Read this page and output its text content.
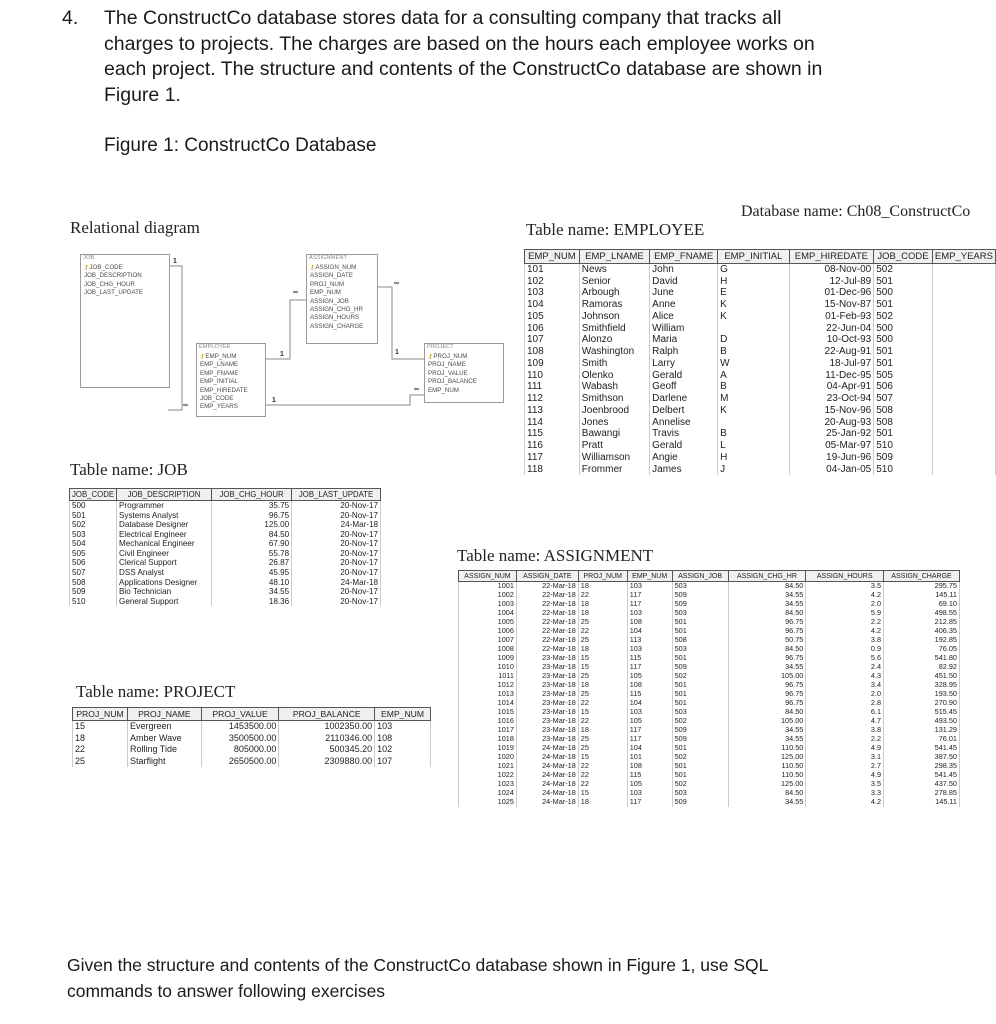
4. The ConstructCo database stores data for a consulting company that tracks all charges to projects. The charges are based on the hours each employee works on each project. The structure and contents of the ConstructCo database are shown in Figure 1.
Figure 1: ConstructCo Database
Relational diagram
Database name: Ch08_ConstructCo
Table name: EMPLOYEE
Table name: JOB
Table name: PROJECT
Table name: ASSIGNMENT
JOB
⚷JOB_CODE
JOB_DESCRIPTION
JOB_CHG_HOUR
JOB_LAST_UPDATE
ASSIGNMENT
⚷ASSIGN_NUM
ASSIGN_DATE
PROJ_NUM
EMP_NUM
ASSIGN_JOB
ASSIGN_CHG_HR
ASSIGN_HOURS
ASSIGN_CHARGE
EMPLOYEE
⚷EMP_NUM
EMP_LNAME
EMP_FNAME
EMP_INITIAL
EMP_HIREDATE
JOB_CODE
EMP_YEARS
PROJECT
⚷PROJ_NUM
PROJ_NAME
PROJ_VALUE
PROJ_BALANCE
EMP_NUM
1
∞
1
∞
1
∞
∞
1
EMP_NUM	EMP_LNAME	EMP_FNAME	EMP_INITIAL	EMP_HIREDATE	JOB_CODE	EMP_YEARS
101	News	John	G	08-Nov-00	502	
102	Senior	David	H	12-Jul-89	501	
103	Arbough	June	E	01-Dec-96	500	
104	Ramoras	Anne	K	15-Nov-87	501	
105	Johnson	Alice	K	01-Feb-93	502	
106	Smithfield	William		22-Jun-04	500	
107	Alonzo	Maria	D	10-Oct-93	500	
108	Washington	Ralph	B	22-Aug-91	501	
109	Smith	Larry	W	18-Jul-97	501	
110	Olenko	Gerald	A	11-Dec-95	505	
111	Wabash	Geoff	B	04-Apr-91	506	
112	Smithson	Darlene	M	23-Oct-94	507	
113	Joenbrood	Delbert	K	15-Nov-96	508	
114	Jones	Annelise		20-Aug-93	508	
115	Bawangi	Travis	B	25-Jan-92	501	
116	Pratt	Gerald	L	05-Mar-97	510	
117	Williamson	Angie	H	19-Jun-96	509	
118	Frommer	James	J	04-Jan-05	510	
JOB_CODE	JOB_DESCRIPTION	JOB_CHG_HOUR	JOB_LAST_UPDATE
500	Programmer	35.75	20-Nov-17
501	Systems Analyst	96.75	20-Nov-17
502	Database Designer	125.00	24-Mar-18
503	Electrical Engineer	84.50	20-Nov-17
504	Mechanical Engineer	67.90	20-Nov-17
505	Civil Engineer	55.78	20-Nov-17
506	Clerical Support	26.87	20-Nov-17
507	DSS Analyst	45.95	20-Nov-17
508	Applications Designer	48.10	24-Mar-18
509	Bio Technician	34.55	20-Nov-17
510	General Support	18.36	20-Nov-17
PROJ_NUM	PROJ_NAME	PROJ_VALUE	PROJ_BALANCE	EMP_NUM
15	Evergreen	1453500.00	1002350.00	103
18	Amber Wave	3500500.00	2110346.00	108
22	Rolling Tide	805000.00	500345.20	102
25	Starflight	2650500.00	2309880.00	107
ASSIGN_NUM	ASSIGN_DATE	PROJ_NUM	EMP_NUM	ASSIGN_JOB	ASSIGN_CHG_HR	ASSIGN_HOURS	ASSIGN_CHARGE
1001	22-Mar-18	18	103	503	84.50	3.5	295.75
1002	22-Mar-18	22	117	509	34.55	4.2	145.11
1003	22-Mar-18	18	117	509	34.55	2.0	69.10
1004	22-Mar-18	18	103	503	84.50	5.9	498.55
1005	22-Mar-18	25	108	501	96.75	2.2	212.85
1006	22-Mar-18	22	104	501	96.75	4.2	406.35
1007	22-Mar-18	25	113	508	50.75	3.8	192.85
1008	22-Mar-18	18	103	503	84.50	0.9	76.05
1009	23-Mar-18	15	115	501	96.75	5.6	541.80
1010	23-Mar-18	15	117	509	34.55	2.4	82.92
1011	23-Mar-18	25	105	502	105.00	4.3	451.50
1012	23-Mar-18	18	108	501	96.75	3.4	328.95
1013	23-Mar-18	25	115	501	96.75	2.0	193.50
1014	23-Mar-18	22	104	501	96.75	2.8	270.90
1015	23-Mar-18	15	103	503	84.50	6.1	515.45
1016	23-Mar-18	22	105	502	105.00	4.7	493.50
1017	23-Mar-18	18	117	509	34.55	3.8	131.29
1018	23-Mar-18	25	117	509	34.55	2.2	76.01
1019	24-Mar-18	25	104	501	110.50	4.9	541.45
1020	24-Mar-18	15	101	502	125.00	3.1	387.50
1021	24-Mar-18	22	108	501	110.50	2.7	298.35
1022	24-Mar-18	22	115	501	110.50	4.9	541.45
1023	24-Mar-18	22	105	502	125.00	3.5	437.50
1024	24-Mar-18	15	103	503	84.50	3.3	278.85
1025	24-Mar-18	18	117	509	34.55	4.2	145.11
Given the structure and contents of the ConstructCo database shown in Figure 1, use SQL commands to answer following exercises
